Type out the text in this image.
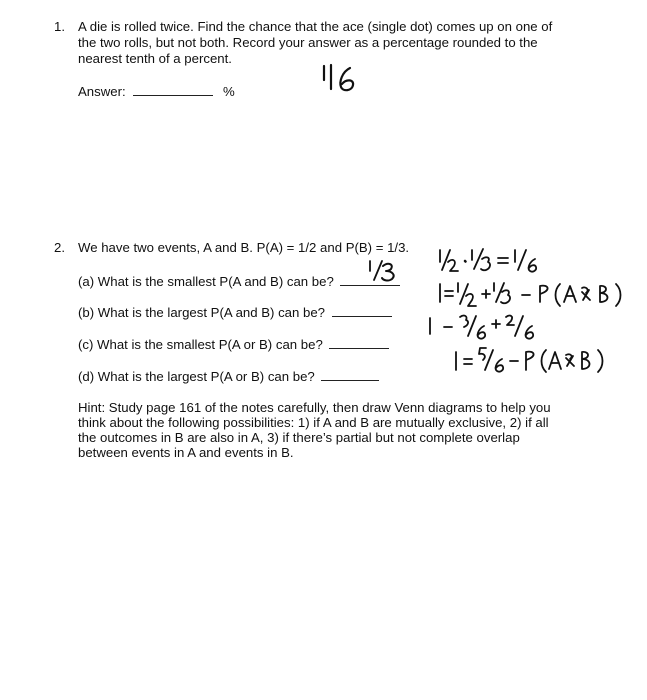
1. A die is rolled twice. Find the chance that the ace (single dot) comes up on one of
the two rolls, but not both. Record your answer as a percentage rounded to the
nearest tenth of a percent.
Answer:	%
2. We have two events, A and B. P(A) = 1/2 and P(B) = 1/3.
(a) What is the smallest P(A and B) can be?
(b) What is the largest P(A and B) can be?
(c) What is the smallest P(A or B) can be?
(d) What is the largest P(A or B) can be?
Hint: Study page 161 of the notes carefully, then draw Venn diagrams to help you
think about the following possibilities: 1) if A and B are mutually exclusive, 2) if all
the outcomes in B are also in A, 3) if there’s partial but not complete overlap
between events in A and events in B.
